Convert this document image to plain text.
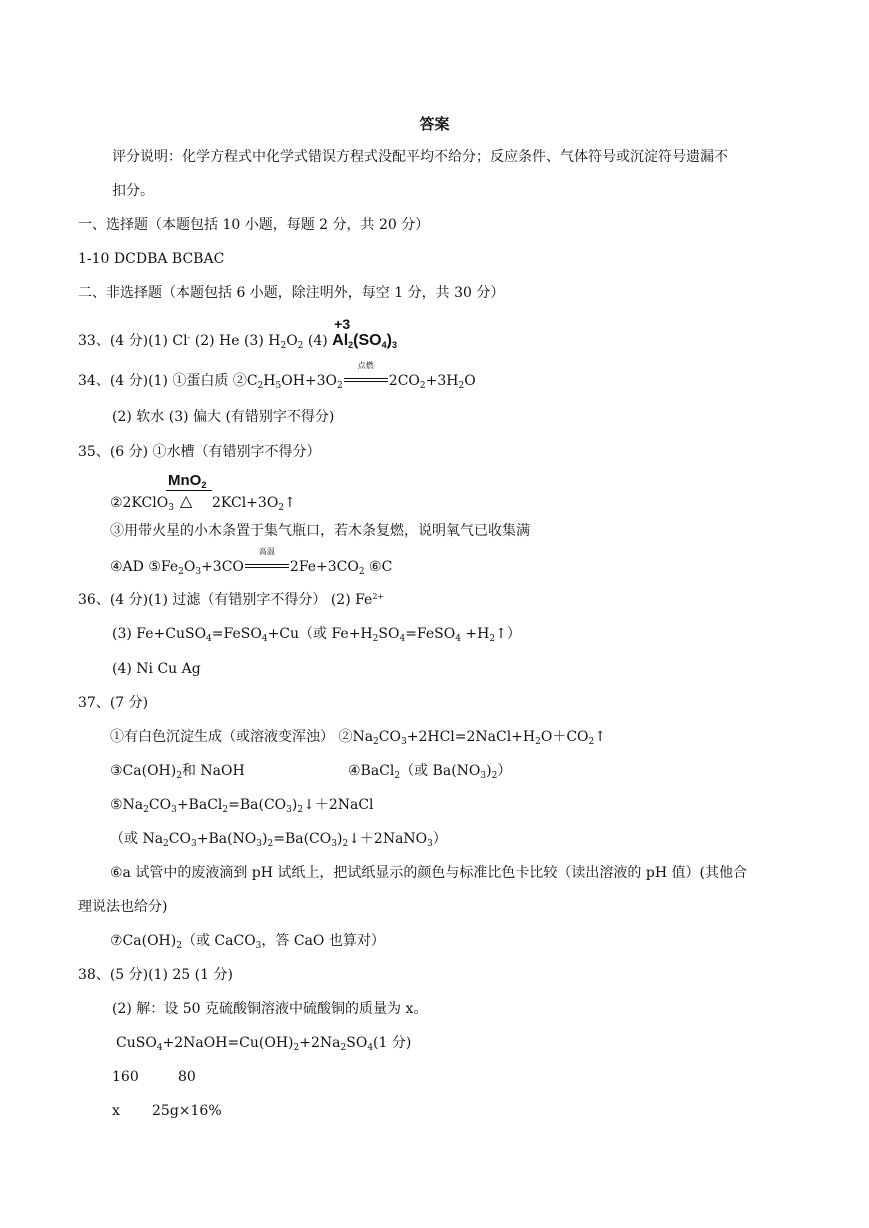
答案
评分说明：化学方程式中化学式错误方程式没配平均不给分；反应条件、气体符号或沉淀符号遗漏不
扣分。
一、选择题（本题包括 10 小题，每题 2 分，共 20 分）
1-10 DCDBA BCBAC
二、非选择题（本题包括 6 小题，除注明外，每空 1 分，共 30 分）
33、(4 分)(1) Cl- (2) He (3) $H_2O_2$ (4)
+3
$Al_2(SO_4)_3$
34、(4 分)(1) ①蛋白质 $②C_2H_5OH+3O_2$
点燃
$2CO_2+3H_2O$
(2) 软水 (3) 偏大 (有错别字不得分)
35、(6 分) ①水槽（有错别字不得分）
MnO$_2$
△
②2KClO$_3$	$2KCl+3O_2↑$
③用带火星的小木条置于集气瓶口，若木条复燃，说明氧气已收集满
④AD $⑤Fe_2O_3+3CO$
高温
$2Fe+3CO_2$ ⑥C
36、(4 分)(1) 过滤（有错别字不得分） (2) $Fe^{2+}$
(3) Fe+CuSO$_4$=FeSO$_4$+Cu（或 $Fe+H_2SO_4=FeSO_4$ $+H_2↑$）
(4) Ni Cu Ag
37、(7 分)
①有白色沉淀生成（或溶液变浑浊） $②Na_2CO_3+2HCl=2NaCl+H_2O+CO_2↑$
$③Ca(OH)_2$和 NaOH	④BaCl$_2$（或 $Ba(NO_3)_2$）
$⑤Na_2CO_3+BaCl_2=Ba(CO_3)_2↓+2NaCl$
（或 $Na_2CO_3+Ba(NO_3)_2=Ba(CO_3)_2↓+2NaNO_3$）
⑥a 试管中的废液滴到 pH 试纸上，把试纸显示的颜色与标准比色卡比较（读出溶液的 pH 值）(其他合
理说法也给分)
$⑦Ca(OH)_2$（或 CaCO$_3$，答 CaO 也算对）
38、(5 分)(1) 25 (1 分)
(2) 解：设 50 克硫酸铜溶液中硫酸铜的质量为 x。
$CuSO_4+2NaOH=Cu(OH)_2+2Na_2SO_4(1$ 分)
160	80
x 25g×16%
